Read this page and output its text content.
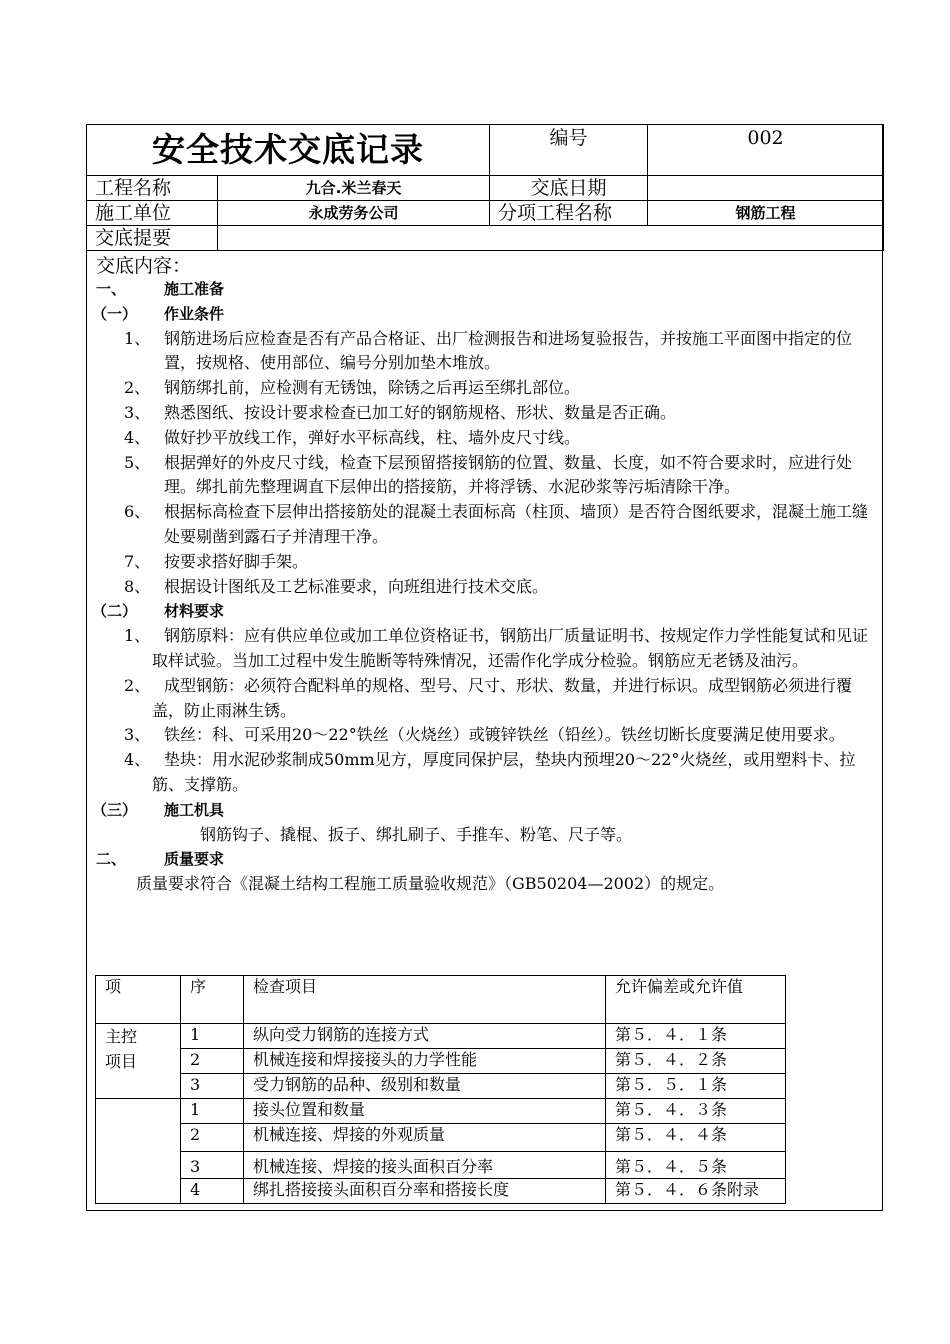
安全技术交底记录		编号	002
工程名称	九合.米兰春天	交底日期	
施工单位	永成劳务公司	分项工程名称	钢筋工程
交底提要			
交底内容：
一、	施工准备
（一）	作业条件
1、 钢筋进场后应检查是否有产品合格证、出厂检测报告和进场复验报告，并按施工平面图中指定的位置，按规格、使用部位、编号分别加垫木堆放。
2、 钢筋绑扎前，应检测有无锈蚀，除锈之后再运至绑扎部位。
3、 熟悉图纸、按设计要求检查已加工好的钢筋规格、形状、数量是否正确。
4、 做好抄平放线工作，弹好水平标高线，柱、墙外皮尺寸线。
5、 根据弹好的外皮尺寸线，检查下层预留搭接钢筋的位置、数量、长度，如不符合要求时，应进行处理。绑扎前先整理调直下层伸出的搭接筋，并将浮锈、水泥砂浆等污垢清除干净。
6、 根据标高检查下层伸出搭接筋处的混凝土表面标高（柱顶、墙顶）是否符合图纸要求，混凝土施工缝处要剔凿到露石子并清理干净。
7、 按要求搭好脚手架。
8、 根据设计图纸及工艺标准要求，向班组进行技术交底。
（二）	材料要求
1、 钢筋原料：应有供应单位或加工单位资格证书，钢筋出厂质量证明书、按规定作力学性能复试和见证取样试验。当加工过程中发生脆断等特殊情况，还需作化学成分检验。钢筋应无老锈及油污。
2、 成型钢筋：必须符合配料单的规格、型号、尺寸、形状、数量，并进行标识。成型钢筋必须进行覆盖，防止雨淋生锈。
3、 铁丝：科、可采用20～22°铁丝（火烧丝）或镀锌铁丝（铅丝）。铁丝切断长度要满足使用要求。
4、 垫块：用水泥砂浆制成50mm见方，厚度同保护层，垫块内预埋20～22°火烧丝，或用塑料卡、拉筋、支撑筋。
（三）	施工机具
钢筋钩子、撬棍、扳子、绑扎刷子、手推车、粉笔、尺子等。
二、	质量要求
质量要求符合《混凝土结构工程施工质量验收规范》（GB50204—2002）的规定。
项	序	检查项目	允许偏差或允许值
主控
项目	1	纵向受力钢筋的连接方式	第５．４．１条
	2	机械连接和焊接接头的力学性能	第５．４．２条
	3	受力钢筋的品种、级别和数量	第５．５．１条
	1	接头位置和数量	第５．４．３条
	2	机械连接、焊接的外观质量	第５．４．４条
	3	机械连接、焊接的接头面积百分率	第５．４．５条
	4	绑扎搭接接头面积百分率和搭接长度	第５．４．６条附录
